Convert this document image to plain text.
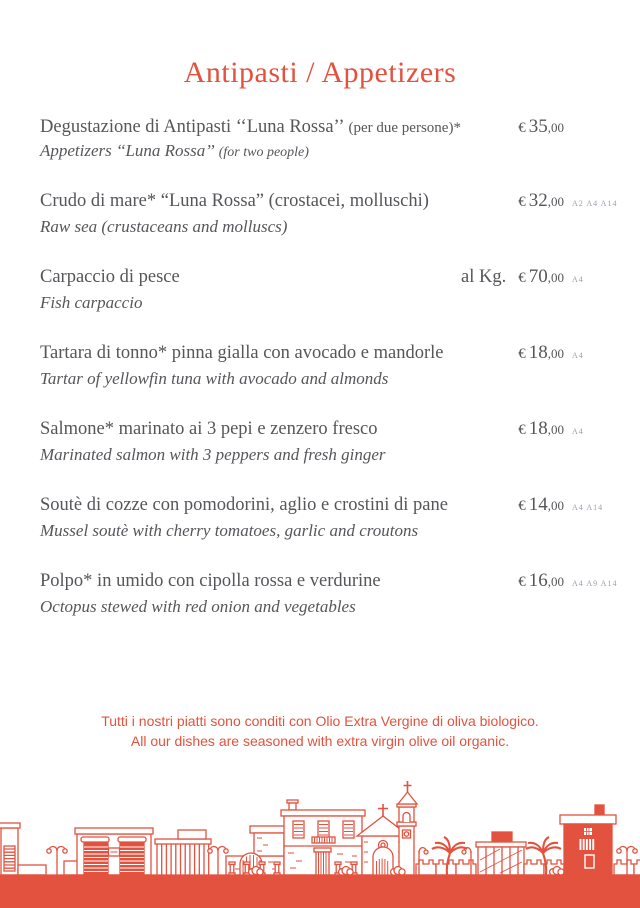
Antipasti / Appetizers
Degustazione di Antipasti ‘‘Luna Rossa’’ (per due persone)*	€ 35,00
Appetizers ‘‘Luna Rossa’’ (for two people)
Crudo di mare* “Luna Rossa” (crostacei, molluschi)	€ 32,00	A2 A4 A14
Raw sea (crustaceans and molluscs)
Carpaccio di pesce	al Kg. € 70,00	A4
Fish carpaccio
Tartara di tonno* pinna gialla con avocado e mandorle	€ 18,00	A4
Tartar of yellowfin tuna with avocado and almonds
Salmone* marinato ai 3 pepi e zenzero fresco	€ 18,00	A4
Marinated salmon with 3 peppers and fresh ginger
Soutè di cozze con pomodorini, aglio e crostini di pane	€ 14,00	A4 A14
Mussel soutè with cherry tomatoes, garlic and croutons
Polpo* in umido con cipolla rossa e verdurine	€ 16,00	A4 A9 A14
Octopus stewed with red onion and vegetables
Tutti i nostri piatti sono conditi con Olio Extra Vergine di oliva biologico.
All our dishes are seasoned with extra virgin olive oil organic.
